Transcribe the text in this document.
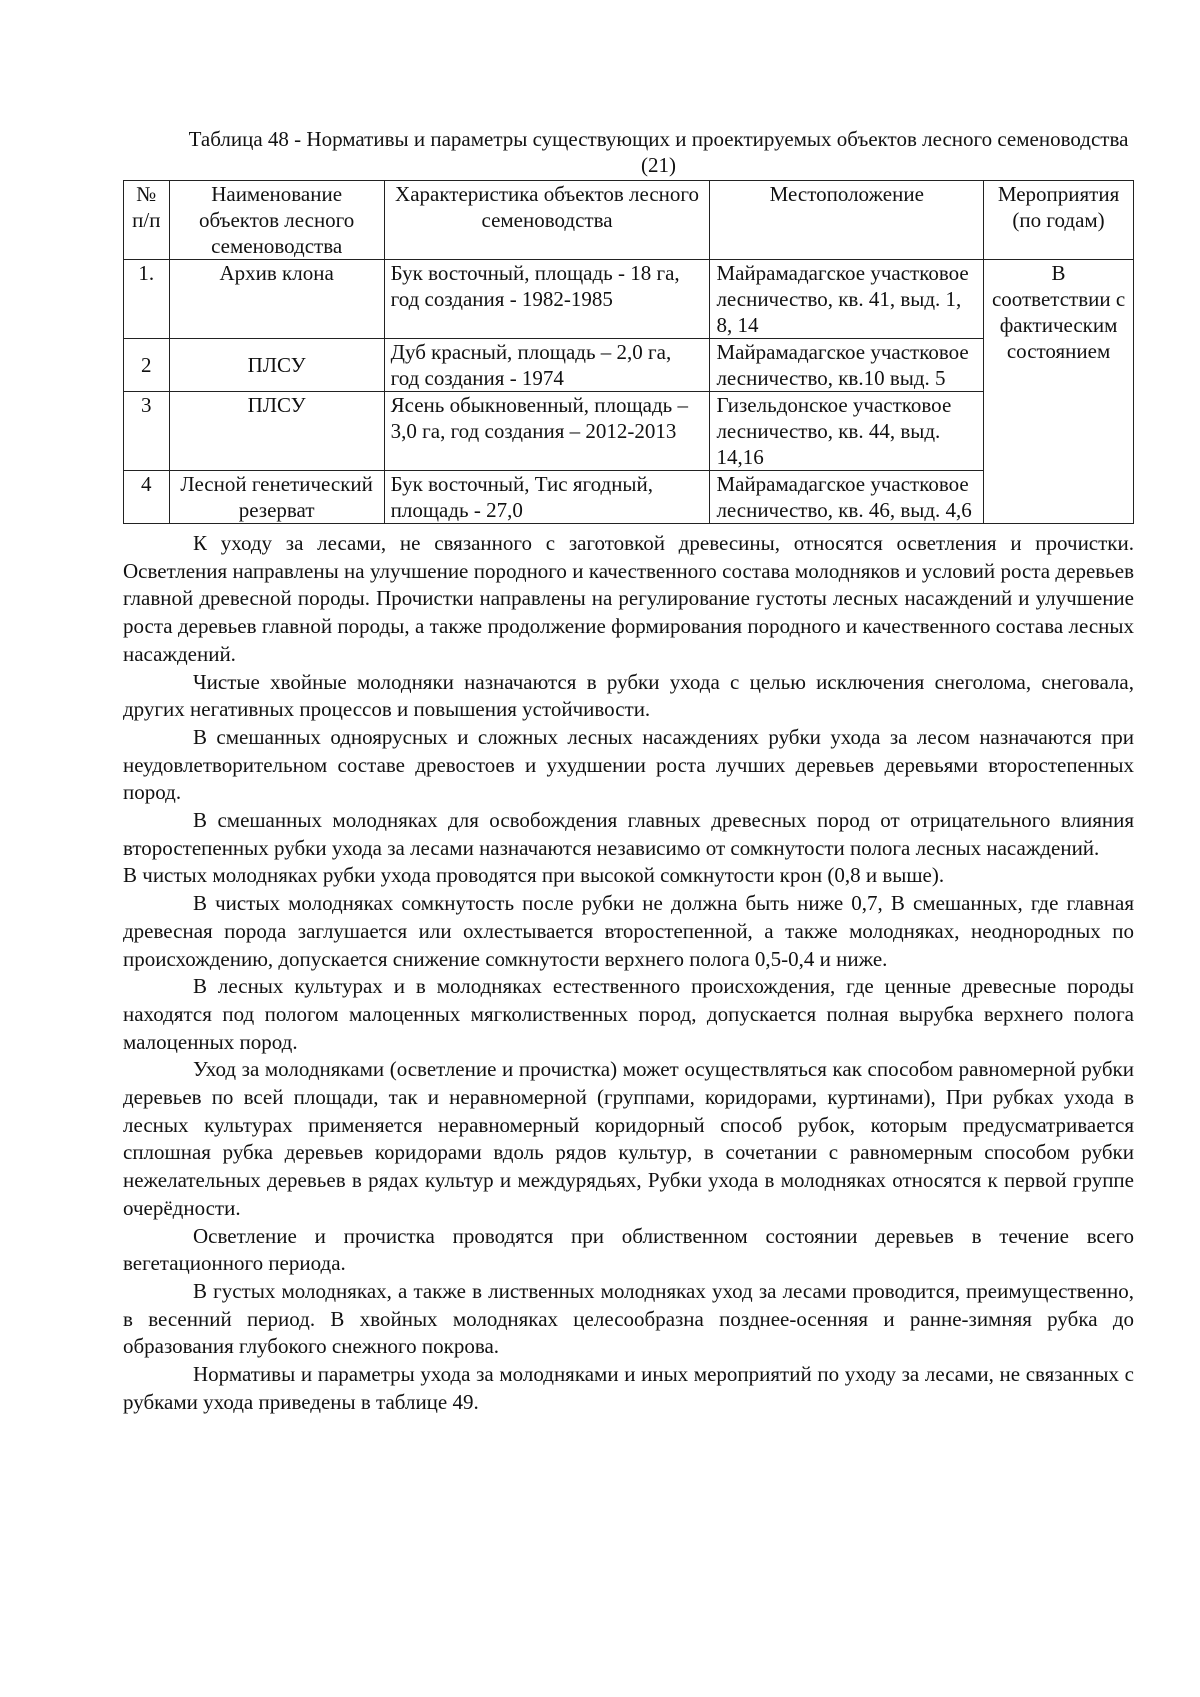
Таблица 48 - Нормативы и параметры существующих и проектируемых объектов лесного семеноводства (21)
№ п/п	Наименование объектов лесного семеноводства	Характеристика объектов лесного семеноводства	Местоположение	Мероприятия (по годам)
1.	Архив клона	Бук восточный, площадь - 18 га, год создания - 1982-1985	Майрамадагское участковое лесничество, кв. 41, выд. 1, 8, 14	В соответствии с фактическим состоянием
2	ПЛСУ	Дуб красный, площадь – 2,0 га, год создания - 1974	Майрамадагское участковое лесничество, кв.10 выд. 5	
3	ПЛСУ	Ясень обыкновенный, площадь – 3,0 га, год создания – 2012-2013	Гизельдонское участковое лесничество, кв. 44, выд. 14,16	
4	Лесной генетический резерват	Бук восточный, Тис ягодный, площадь - 27,0	Майрамадагское участковое лесничество, кв. 46, выд. 4,6	

К уходу за лесами, не связанного с заготовкой древесины, относятся осветления и прочистки. Осветления направлены на улучшение породного и качественного состава молодняков и условий роста деревьев главной древесной породы. Прочистки направлены на регулирование густоты лесных насаждений и улучшение роста деревьев главной породы, а также продолжение формирования породного и качественного состава лесных насаждений.

Чистые хвойные молодняки назначаются в рубки ухода с целью исключения снеголома, снеговала, других негативных процессов и повышения устойчивости.

В смешанных одноярусных и сложных лесных насаждениях рубки ухода за лесом назначаются при неудовлетворительном составе древостоев и ухудшении роста лучших деревьев деревьями второстепенных пород.

В смешанных молодняках для освобождения главных древесных пород от отрицательного влияния второстепенных рубки ухода за лесами назначаются независимо от сомкнутости полога лесных насаждений.

В чистых молодняках рубки ухода проводятся при высокой сомкнутости крон (0,8 и выше).

В чистых молодняках сомкнутость после рубки не должна быть ниже 0,7, В смешанных, где главная древесная порода заглушается или охлестывается второстепенной, а также молодняках, неоднородных по происхождению, допускается снижение сомкнутости верхнего полога 0,5-0,4 и ниже.

В лесных культурах и в молодняках естественного происхождения, где ценные древесные породы находятся под пологом малоценных мягколиственных пород, допускается полная вырубка верхнего полога малоценных пород.

Уход за молодняками (осветление и прочистка) может осуществляться как способом равномерной рубки деревьев по всей площади, так и неравномерной (группами, коридорами, куртинами), При рубках ухода в лесных культурах применяется неравномерный коридорный способ рубок, которым предусматривается сплошная рубка деревьев коридорами вдоль рядов культур, в сочетании с равномерным способом рубки нежелательных деревьев в рядах культур и междурядьях, Рубки ухода в молодняках относятся к первой группе очерёдности.

Осветление и прочистка проводятся при облиственном состоянии деревьев в течение всего вегетационного периода.

В густых молодняках, а также в лиственных молодняках уход за лесами проводится, преимущественно, в весенний период. В хвойных молодняках целесообразна позднее-осенняя и ранне-зимняя рубка до образования глубокого снежного покрова.

Нормативы и параметры ухода за молодняками и иных мероприятий по уходу за лесами, не связанных с рубками ухода приведены в таблице 49.
